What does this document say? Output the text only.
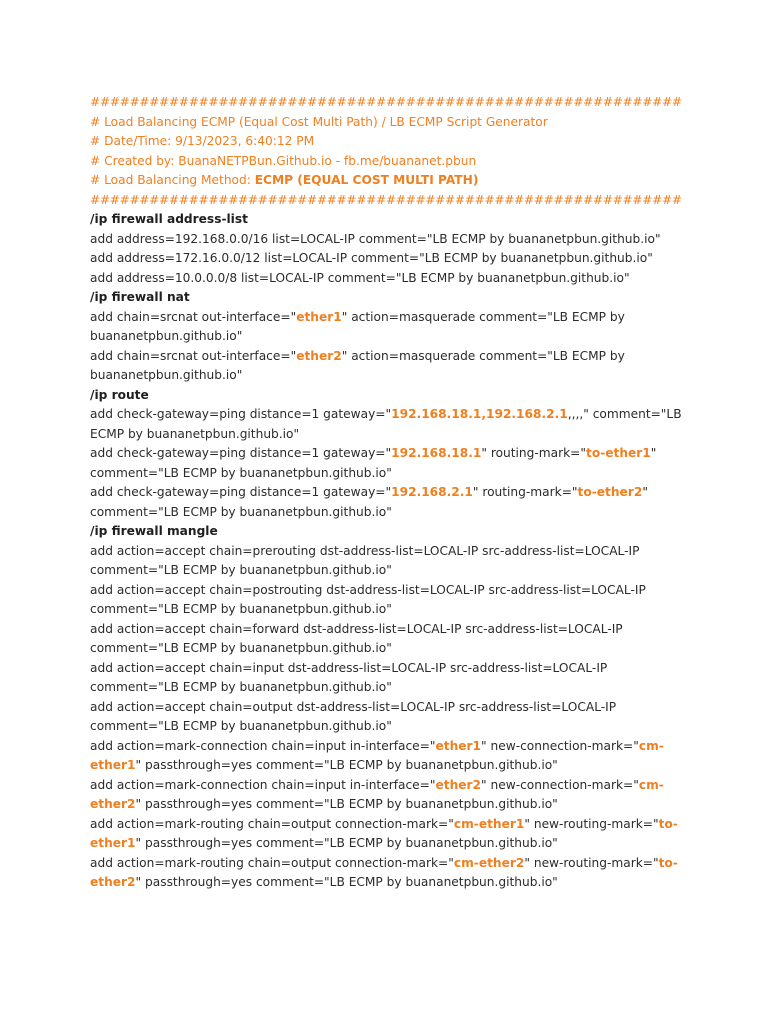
############################################################
# Load Balancing ECMP (Equal Cost Multi Path) / LB ECMP Script Generator
# Date/Time: 9/13/2023, 6:40:12 PM
# Created by: BuanaNETPBun.Github.io - fb.me/buananet.pbun
# Load Balancing Method: ECMP (EQUAL COST MULTI PATH)
############################################################
/ip firewall address-list
add address=192.168.0.0/16 list=LOCAL-IP comment="LB ECMP by buananetpbun.github.io"
add address=172.16.0.0/12 list=LOCAL-IP comment="LB ECMP by buananetpbun.github.io"
add address=10.0.0.0/8 list=LOCAL-IP comment="LB ECMP by buananetpbun.github.io"
/ip firewall nat
add chain=srcnat out-interface="ether1" action=masquerade comment="LB ECMP by buananetpbun.github.io"
add chain=srcnat out-interface="ether2" action=masquerade comment="LB ECMP by buananetpbun.github.io"
/ip route
add check-gateway=ping distance=1 gateway="192.168.18.1,192.168.2.1,,,," comment="LB ECMP by buananetpbun.github.io"
add check-gateway=ping distance=1 gateway="192.168.18.1" routing-mark="to-ether1" comment="LB ECMP by buananetpbun.github.io"
add check-gateway=ping distance=1 gateway="192.168.2.1" routing-mark="to-ether2" comment="LB ECMP by buananetpbun.github.io"
/ip firewall mangle
add action=accept chain=prerouting dst-address-list=LOCAL-IP src-address-list=LOCAL-IP comment="LB ECMP by buananetpbun.github.io"
add action=accept chain=postrouting dst-address-list=LOCAL-IP src-address-list=LOCAL-IP comment="LB ECMP by buananetpbun.github.io"
add action=accept chain=forward dst-address-list=LOCAL-IP src-address-list=LOCAL-IP comment="LB ECMP by buananetpbun.github.io"
add action=accept chain=input dst-address-list=LOCAL-IP src-address-list=LOCAL-IP comment="LB ECMP by buananetpbun.github.io"
add action=accept chain=output dst-address-list=LOCAL-IP src-address-list=LOCAL-IP comment="LB ECMP by buananetpbun.github.io"
add action=mark-connection chain=input in-interface="ether1" new-connection-mark="cm-ether1" passthrough=yes comment="LB ECMP by buananetpbun.github.io"
add action=mark-connection chain=input in-interface="ether2" new-connection-mark="cm-ether2" passthrough=yes comment="LB ECMP by buananetpbun.github.io"
add action=mark-routing chain=output connection-mark="cm-ether1" new-routing-mark="to-ether1" passthrough=yes comment="LB ECMP by buananetpbun.github.io"
add action=mark-routing chain=output connection-mark="cm-ether2" new-routing-mark="to-ether2" passthrough=yes comment="LB ECMP by buananetpbun.github.io"
